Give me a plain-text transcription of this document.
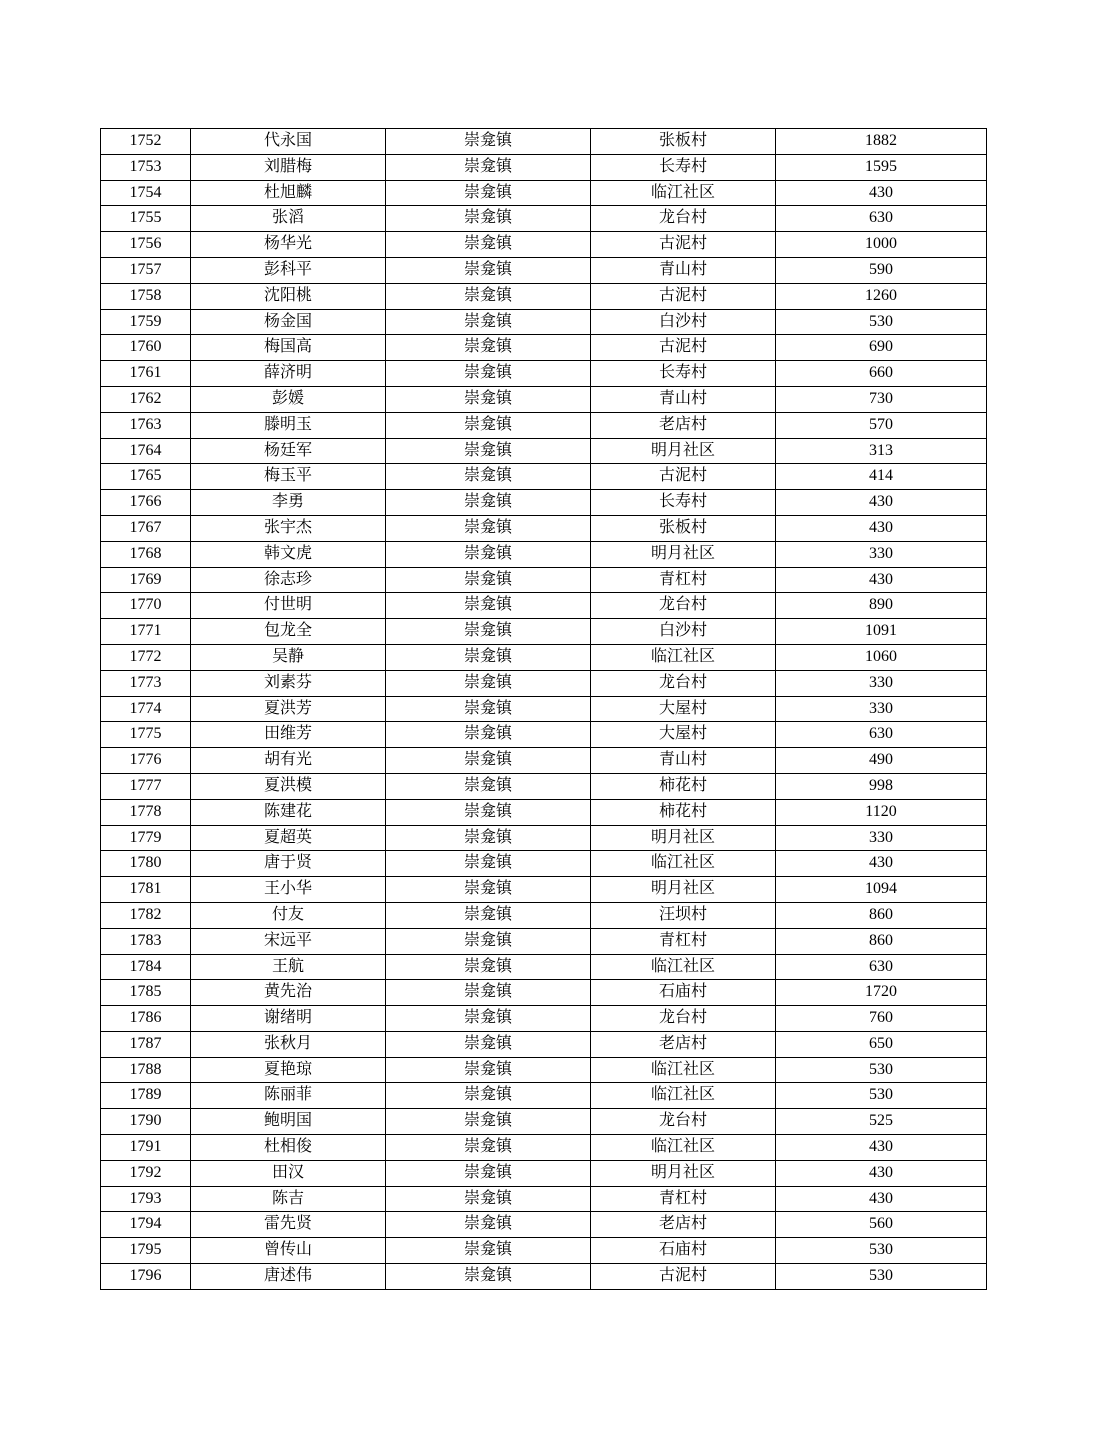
1752	代永国	崇龛镇	张板村	1882
1753	刘腊梅	崇龛镇	长寿村	1595
1754	杜旭麟	崇龛镇	临江社区	430
1755	张滔	崇龛镇	龙台村	630
1756	杨华光	崇龛镇	古泥村	1000
1757	彭科平	崇龛镇	青山村	590
1758	沈阳桃	崇龛镇	古泥村	1260
1759	杨金国	崇龛镇	白沙村	530
1760	梅国高	崇龛镇	古泥村	690
1761	薛济明	崇龛镇	长寿村	660
1762	彭媛	崇龛镇	青山村	730
1763	滕明玉	崇龛镇	老店村	570
1764	杨廷军	崇龛镇	明月社区	313
1765	梅玉平	崇龛镇	古泥村	414
1766	李勇	崇龛镇	长寿村	430
1767	张宇杰	崇龛镇	张板村	430
1768	韩文虎	崇龛镇	明月社区	330
1769	徐志珍	崇龛镇	青杠村	430
1770	付世明	崇龛镇	龙台村	890
1771	包龙全	崇龛镇	白沙村	1091
1772	吴静	崇龛镇	临江社区	1060
1773	刘素芬	崇龛镇	龙台村	330
1774	夏洪芳	崇龛镇	大屋村	330
1775	田维芳	崇龛镇	大屋村	630
1776	胡有光	崇龛镇	青山村	490
1777	夏洪模	崇龛镇	柿花村	998
1778	陈建花	崇龛镇	柿花村	1120
1779	夏超英	崇龛镇	明月社区	330
1780	唐于贤	崇龛镇	临江社区	430
1781	王小华	崇龛镇	明月社区	1094
1782	付友	崇龛镇	汪坝村	860
1783	宋远平	崇龛镇	青杠村	860
1784	王航	崇龛镇	临江社区	630
1785	黄先治	崇龛镇	石庙村	1720
1786	谢绪明	崇龛镇	龙台村	760
1787	张秋月	崇龛镇	老店村	650
1788	夏艳琼	崇龛镇	临江社区	530
1789	陈丽菲	崇龛镇	临江社区	530
1790	鲍明国	崇龛镇	龙台村	525
1791	杜相俊	崇龛镇	临江社区	430
1792	田汉	崇龛镇	明月社区	430
1793	陈吉	崇龛镇	青杠村	430
1794	雷先贤	崇龛镇	老店村	560
1795	曾传山	崇龛镇	石庙村	530
1796	唐述伟	崇龛镇	古泥村	530
